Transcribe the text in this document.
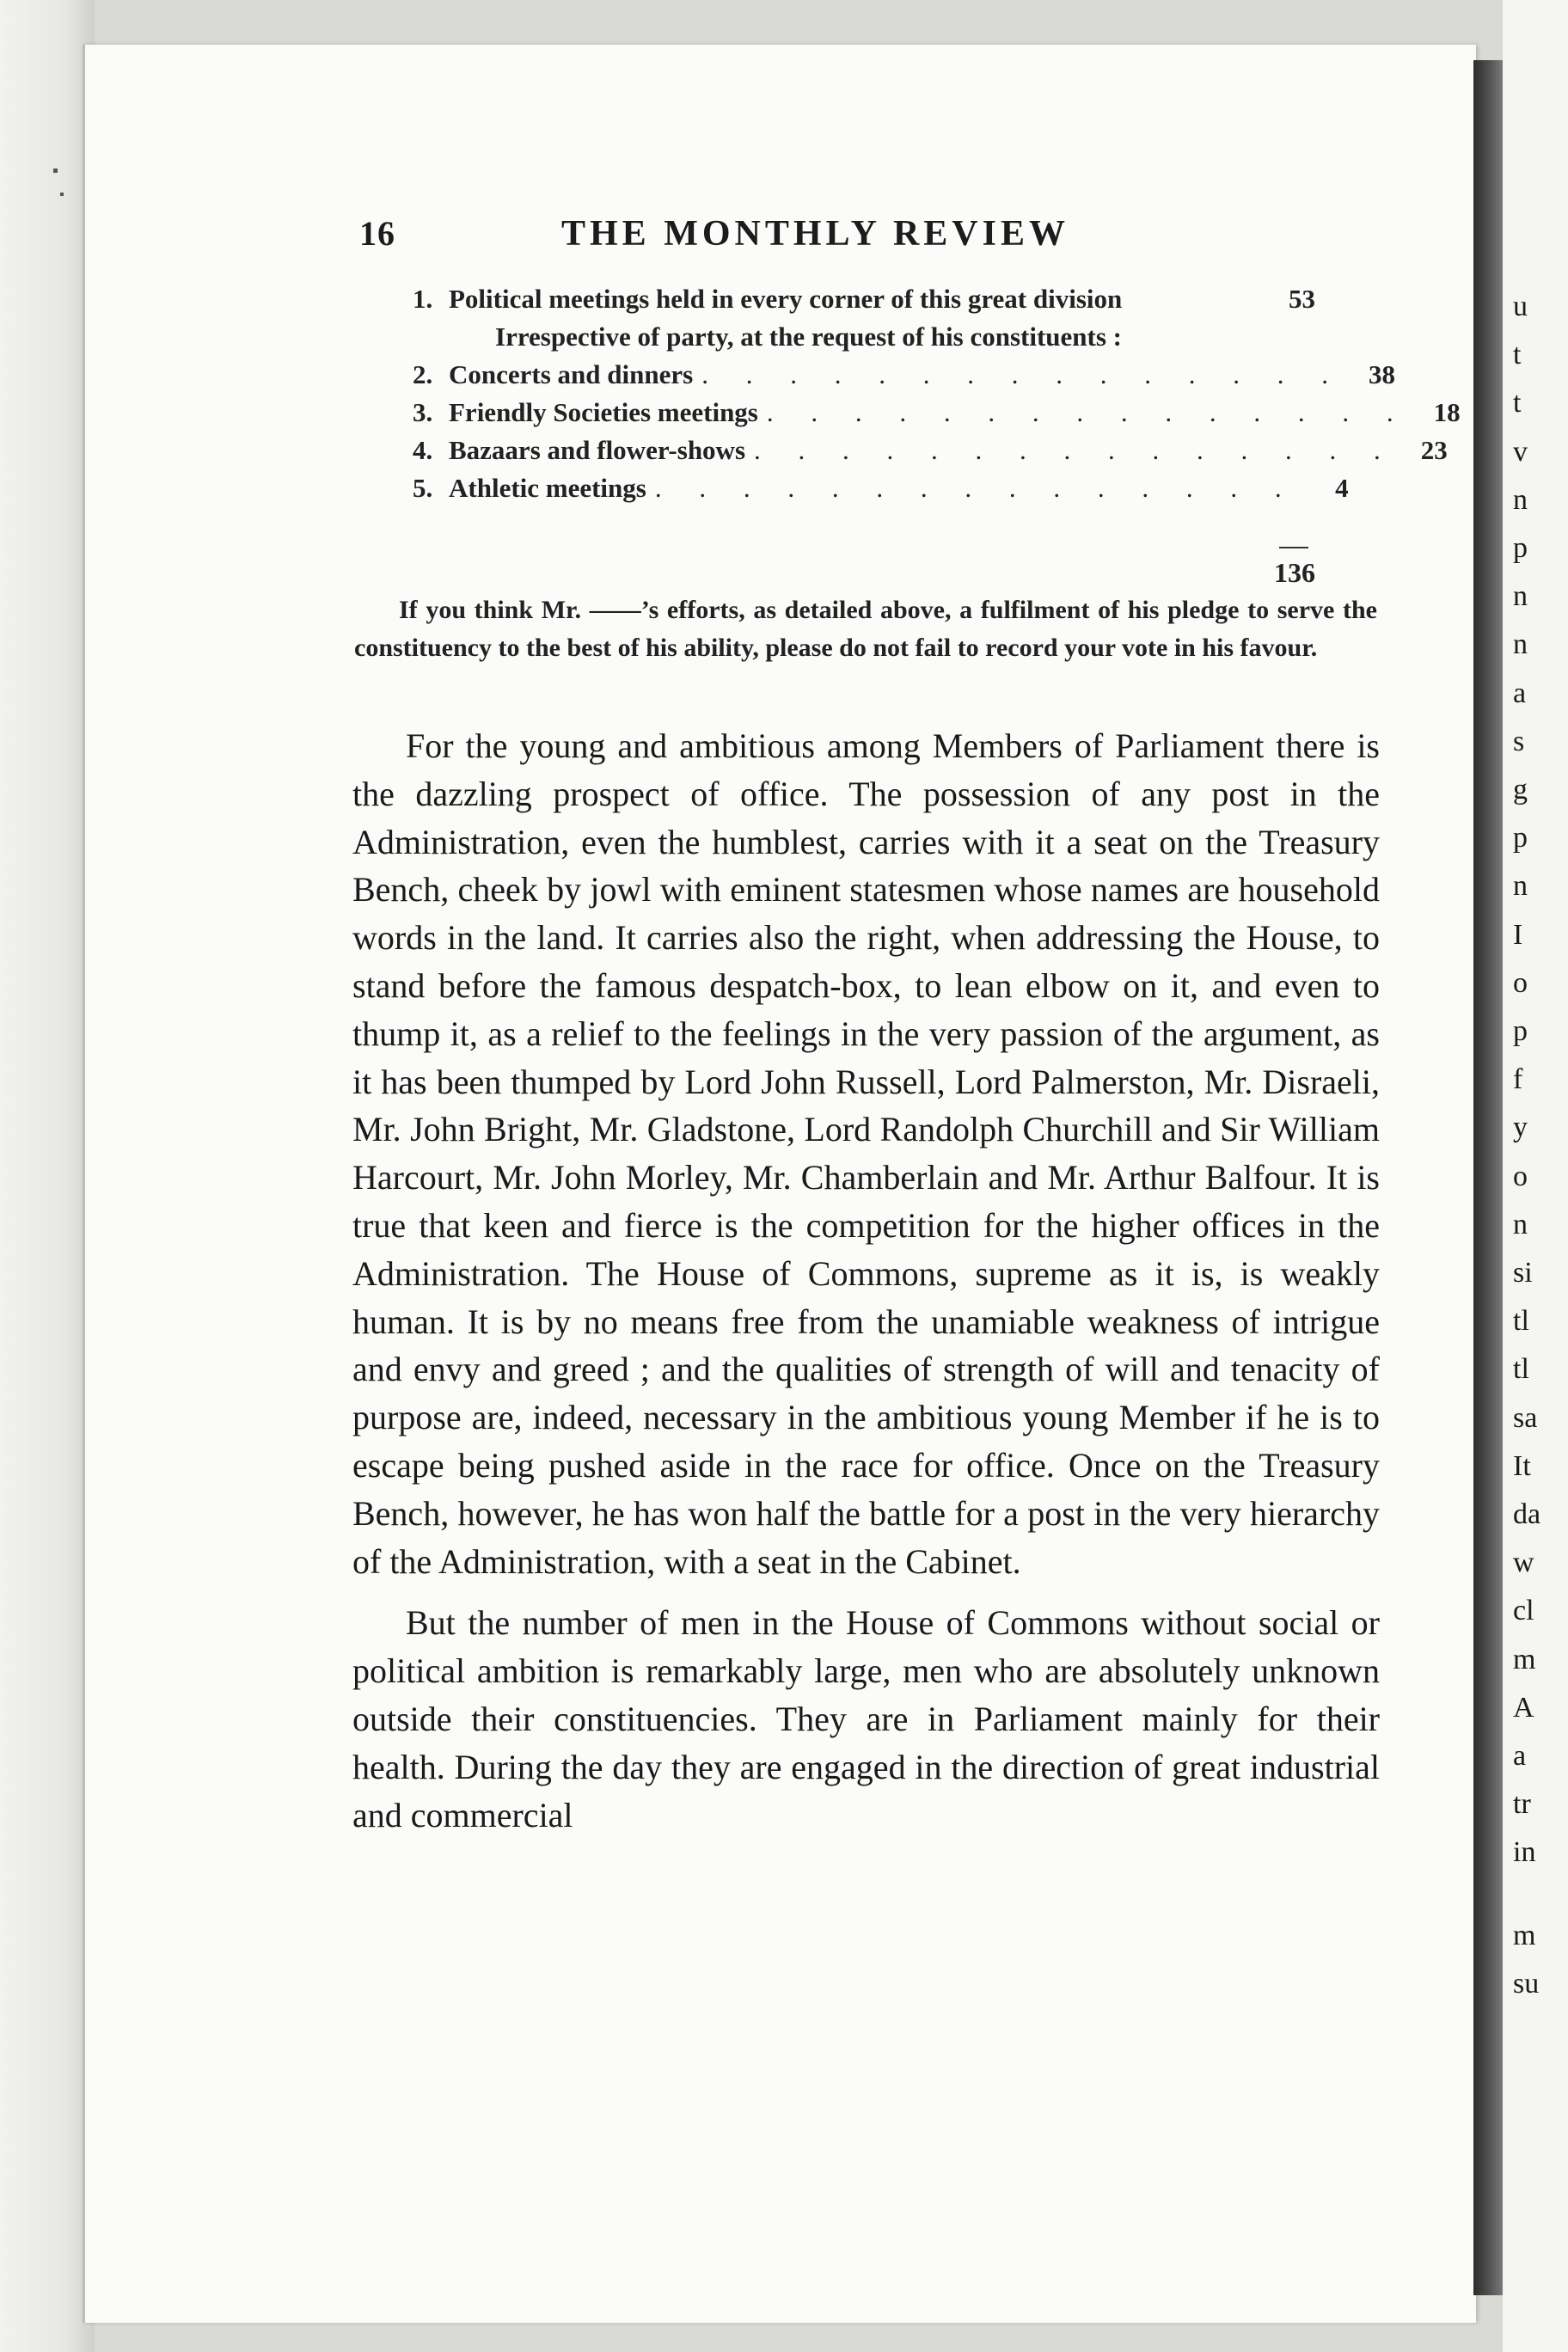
16	THE MONTHLY REVIEW
1. Political meetings held in every corner of this great division	53
Irrespective of party, at the request of his constituents :
2. Concerts and dinners . . . . . . . . . . . . . . . 38
3. Friendly Societies meetings . . . . . . . . . . . . . . . 18
4. Bazaars and flower-shows . . . . . . . . . . . . . . . 23
5. Athletic meetings . . . . . . . . . . . . . . .	4
136
If you think Mr. ——’s efforts, as detailed above, a fulfilment of his pledge to serve the constituency to the best of his ability, please do not fail to record your vote in his favour.

For the young and ambitious among Members of Parliament there is the dazzling prospect of office. The possession of any post in the Administration, even the humblest, carries with it a seat on the Treasury Bench, cheek by jowl with eminent statesmen whose names are household words in the land. It carries also the right, when addressing the House, to stand before the famous despatch-box, to lean elbow on it, and even to thump it, as a relief to the feelings in the very passion of the argument, as it has been thumped by Lord John Russell, Lord Palmerston, Mr. Disraeli, Mr. John Bright, Mr. Gladstone, Lord Randolph Churchill and Sir William Harcourt, Mr. John Morley, Mr. Chamberlain and Mr. Arthur Balfour. It is true that keen and fierce is the competition for the higher offices in the Administration. The House of Commons, supreme as it is, is weakly human. It is by no means free from the unamiable weakness of intrigue and envy and greed ; and the qualities of strength of will and tenacity of purpose are, indeed, necessary in the ambitious young Member if he is to escape being pushed aside in the race for office. Once on the Treasury Bench, however, he has won half the battle for a post in the very hierarchy of the Administration, with a seat in the Cabinet.

But the number of men in the House of Commons without social or political ambition is remarkably large, men who are absolutely unknown outside their constituencies. They are in Parliament mainly for their health. During the day they are engaged in the direction of great industrial and commercial

u
t
t
v
n
p
n
n
a
s
g
p
n
I
o
p
f
y
o
n
si
tl
tl
sa
It
da
w
cl
m
A
a
tr
in
m
su
